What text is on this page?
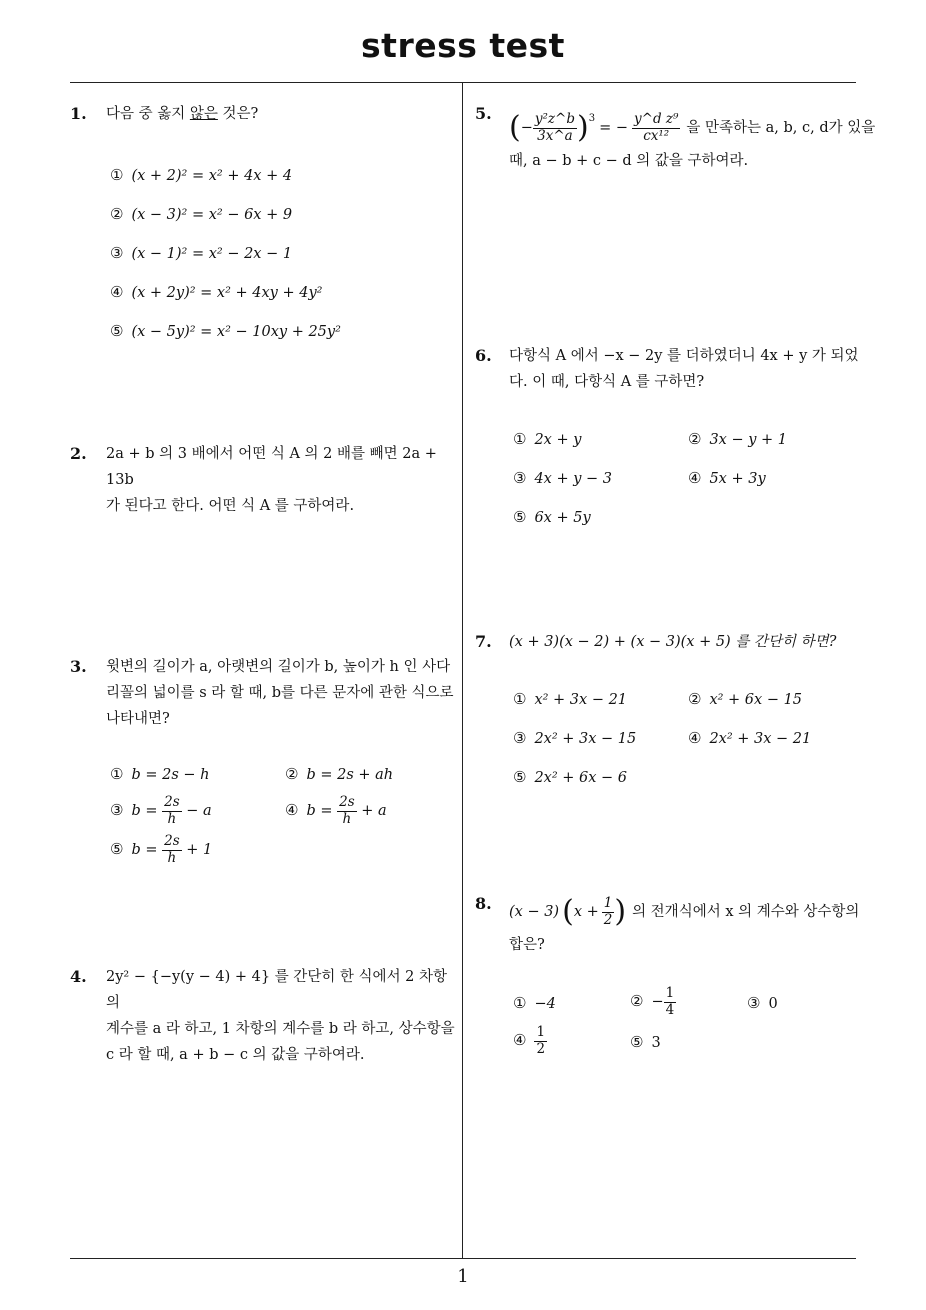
stress test
1
1. 다음 중 옳지 않은 것은?
① (x + 2)² = x² + 4x + 4
② (x − 3)² = x² − 6x + 9
③ (x − 1)² = x² − 2x − 1
④ (x + 2y)² = x² + 4xy + 4y²
⑤ (x − 5y)² = x² − 10xy + 25y²
2. 2a + b 의 3 배에서 어떤 식 A 의 2 배를 빼면 2a + 13b
가 된다고 한다. 어떤 식 A 를 구하여라.
3. 윗변의 길이가 a, 아랫변의 길이가 b, 높이가 h 인 사다
리꼴의 넓이를 s 라 할 때, b를 다른 문자에 관한 식으로
나타내면?
① b = 2s − h	② b = 2s + ah
③ $b = \frac{2s}{h} - a$	④ $b = \frac{2s}{h} + a$
⑤ $b = \frac{2s}{h} + 1$
4. 2y² − {−y(y − 4) + 4} 를 간단히 한 식에서 2 차항의
계수를 a 라 하고, 1 차항의 계수를 b 라 하고, 상수항을
c 라 할 때, a + b − c 의 값을 구하여라.
5. ( − $\frac{\text{y²z\textasciicircum{}b}}{3x\^{}a}$ ) 3
= − $\frac{\text{y\textasciicircum{}d z⁹}}{\text{cx¹²}}$ 을 만족하는 a, b, c, d가 있을
때, a − b + c − d 의 값을 구하여라.
6. 다항식 A 에서 −x − 2y 를 더하였더니 4x + y 가 되었
다. 이 때, 다항식 A 를 구하면?
① 2x + y	② 3x − y + 1
③ 4x + y − 3	④ 5x + 3y
⑤ 6x + 5y
7. (x + 3)(x − 2) + (x − 3)(x + 5) 를 간단히 하면?
① x² + 3x − 21	② x² + 6x − 15
③ 2x² + 3x − 15	④ 2x² + 3x − 21
⑤ 2x² + 6x − 6
8. (x − 3) ( $x + \frac{1}{2}$ ) 의 전개식에서 x 의 계수와 상수항의
합은?
① −4	② − $\frac{1}{4}$	③ 0
④ $\frac{1}{2}$	⑤ 3
